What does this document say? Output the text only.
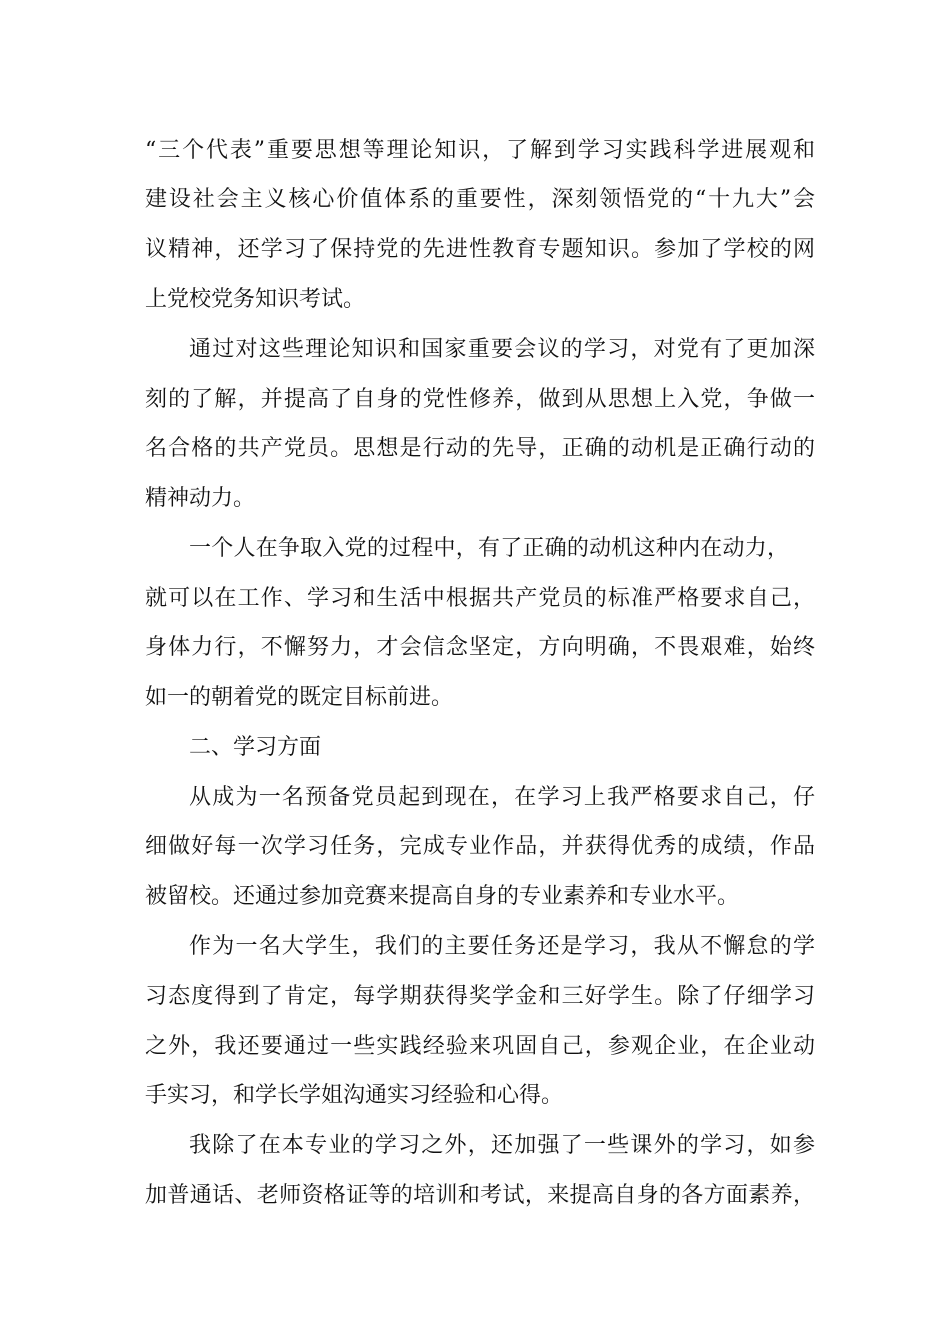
“三个代表”重要思想等理论知识，了解到学习实践科学进展观和

建设社会主义核心价值体系的重要性，深刻领悟党的“十九大”会

议精神，还学习了保持党的先进性教育专题知识。参加了学校的网

上党校党务知识考试。

通过对这些理论知识和国家重要会议的学习，对党有了更加深

刻的了解，并提高了自身的党性修养，做到从思想上入党，争做一

名合格的共产党员。思想是行动的先导，正确的动机是正确行动的

精神动力。

一个人在争取入党的过程中，有了正确的动机这种内在动力，

就可以在工作、学习和生活中根据共产党员的标准严格要求自己，

身体力行，不懈努力，才会信念坚定，方向明确，不畏艰难，始终

如一的朝着党的既定目标前进。

二、学习方面

从成为一名预备党员起到现在，在学习上我严格要求自己，仔

细做好每一次学习任务，完成专业作品，并获得优秀的成绩，作品

被留校。还通过参加竞赛来提高自身的专业素养和专业水平。

作为一名大学生，我们的主要任务还是学习，我从不懈怠的学

习态度得到了肯定，每学期获得奖学金和三好学生。除了仔细学习

之外，我还要通过一些实践经验来巩固自己，参观企业，在企业动

手实习，和学长学姐沟通实习经验和心得。

我除了在本专业的学习之外，还加强了一些课外的学习，如参

加普通话、老师资格证等的培训和考试，来提高自身的各方面素养，
